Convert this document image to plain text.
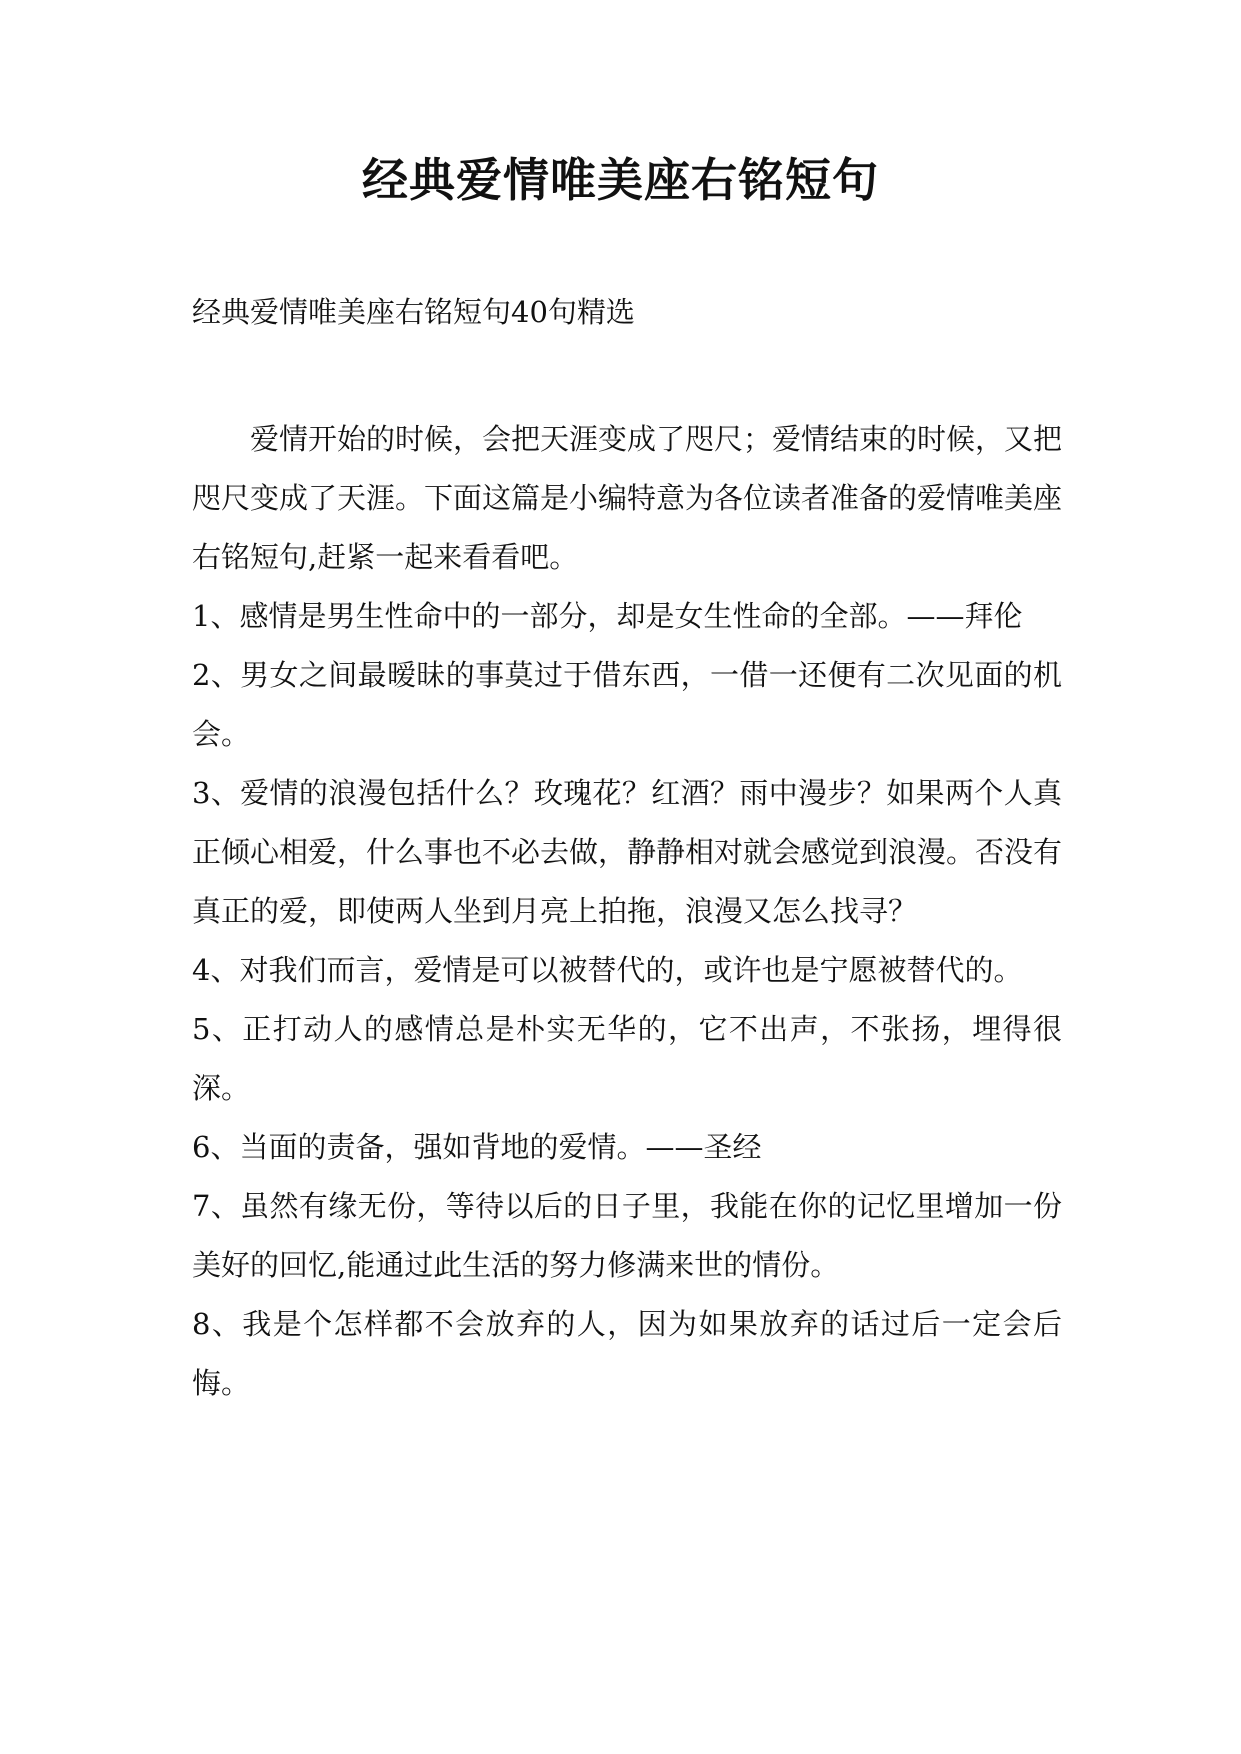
经典爱情唯美座右铭短句
经典爱情唯美座右铭短句40句精选

爱情开始的时候，会把天涯变成了咫尺；爱情结束的时候，又把咫尺变成了天涯。下面这篇是小编特意为各位读者准备的爱情唯美座右铭短句,赶紧一起来看看吧。

1、感情是男生性命中的一部分，却是女生性命的全部。——拜伦

2、男女之间最暧昧的事莫过于借东西，一借一还便有二次见面的机会。

3、爱情的浪漫包括什么？玫瑰花？红酒？雨中漫步？如果两个人真正倾心相爱，什么事也不必去做，静静相对就会感觉到浪漫。否没有真正的爱，即使两人坐到月亮上拍拖，浪漫又怎么找寻？

4、对我们而言，爱情是可以被替代的，或许也是宁愿被替代的。

5、正打动人的感情总是朴实无华的，它不出声，不张扬，埋得很深。

6、当面的责备，强如背地的爱情。——圣经

7、虽然有缘无份，等待以后的日子里，我能在你的记忆里增加一份美好的回忆,能通过此生活的努力修满来世的情份。

8、我是个怎样都不会放弃的人，因为如果放弃的话过后一定会后悔。
